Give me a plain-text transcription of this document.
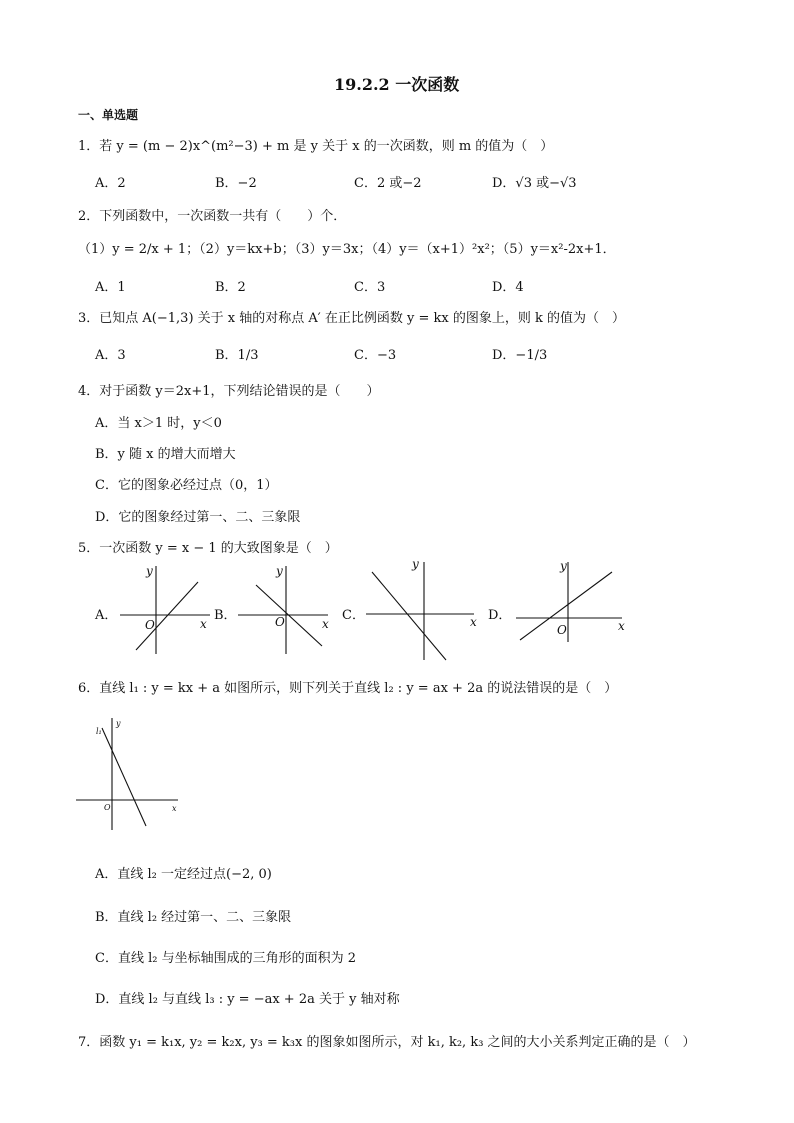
19.2.2 一次函数
一、单选题
1．若 y = (m − 2)x^(m²−3) + m 是 y 关于 x 的一次函数，则 m 的值为（　）
A．2	B．−2	C．2 或−2	D．√3 或−√3
2．下列函数中，一次函数一共有（　　）个．
（1）y = 2/x + 1；（2）y＝kx+b；（3）y＝3x；（4）y＝（x+1）²x²；（5）y＝x²-2x+1．
A．1	B．2	C．3	D．4
3．已知点 A(−1,3) 关于 x 轴的对称点 A′ 在正比例函数 y = kx 的图象上，则 k 的值为（　）
A．3	B．1/3	C．−3	D．−1/3
4．对于函数 y＝2x+1，下列结论错误的是（　　）
A．当 x＞1 时，y＜0
B．y 随 x 的增大而增大
C．它的图象必经过点（0，1）
D．它的图象经过第一、二、三象限
5．一次函数 y = x − 1 的大致图象是（　）
A．
y
x
O
B．
y
x
O	C．
y
x D．
y
x
O
6．直线 l₁ : y = kx + a 如图所示，则下列关于直线 l₂ : y = ax + 2a 的说法错误的是（　）
l₁
y
x
O
A．直线 l₂ 一定经过点(−2, 0)
B．直线 l₂ 经过第一、二、三象限
C．直线 l₂ 与坐标轴围成的三角形的面积为 2
D．直线 l₂ 与直线 l₃ : y = −ax + 2a 关于 y 轴对称
7．函数 y₁ = k₁x, y₂ = k₂x, y₃ = k₃x 的图象如图所示，对 k₁, k₂, k₃ 之间的大小关系判定正确的是（　）
